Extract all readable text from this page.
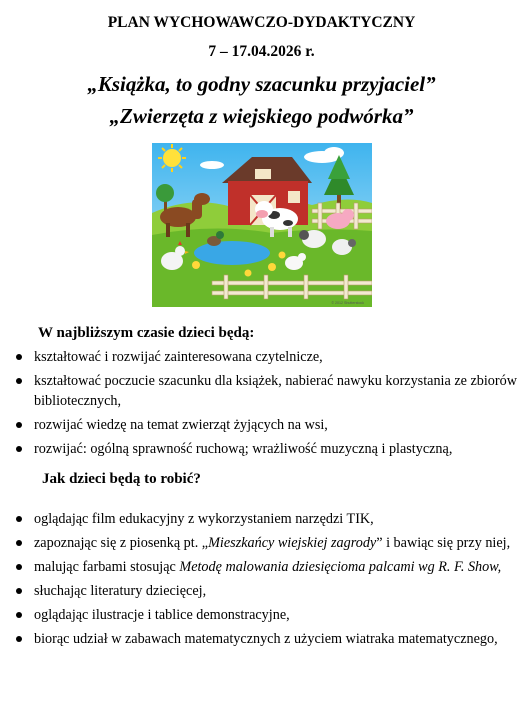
PLAN WYCHOWAWCZO-DYDAKTYCZNY

7 – 17.04.2026 r.

„Książka, to godny szacunku przyjaciel”

„Zwierzęta z wiejskiego podwórka”

© 2012 Shutterstock

W najbliższym czasie dzieci będą:

kształtować i rozwijać zainteresowana czytelnicze,
kształtować poczucie szacunku dla książek, nabierać nawyku korzystania ze zbiorów bibliotecznych,
rozwijać wiedzę na temat zwierząt żyjących na wsi,
rozwijać: ogólną sprawność ruchową; wrażliwość muzyczną i plastyczną,

Jak dzieci będą to robić?

oglądając film edukacyjny z wykorzystaniem narzędzi TIK,
zapoznając się z piosenką pt. „Mieszkańcy wiejskiej zagrody” i bawiąc się przy niej,
malując farbami stosując Metodę malowania dziesięcioma palcami wg R. F. Show,
słuchając literatury dziecięcej,
oglądając ilustracje i tablice demonstracyjne,
biorąc udział w zabawach matematycznych z użyciem wiatraka matematycznego,
